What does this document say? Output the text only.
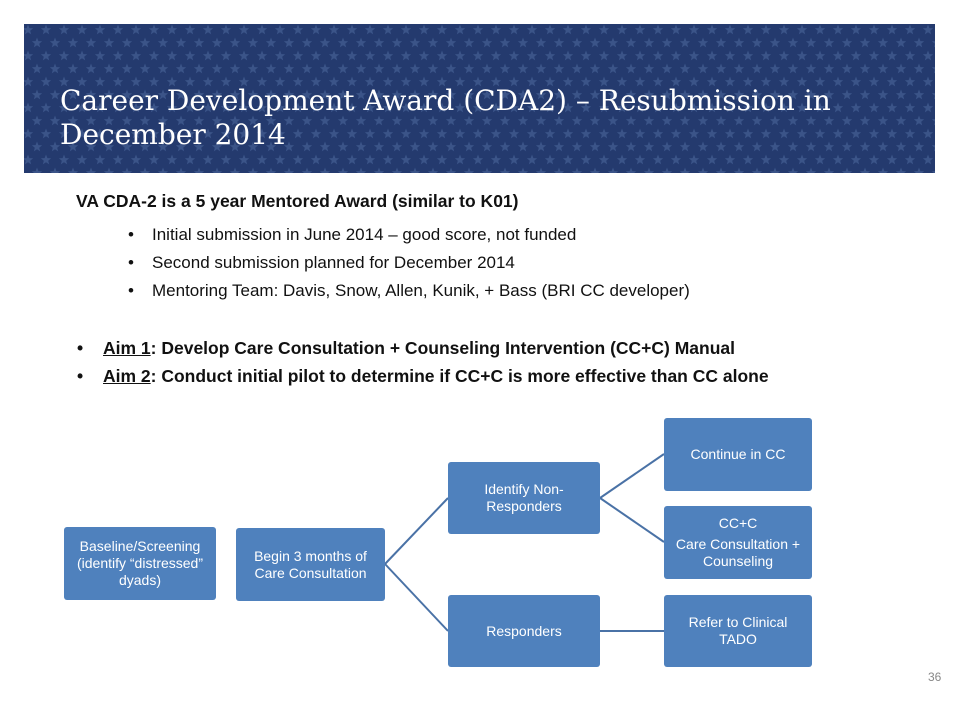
Career Development Award (CDA2) – Resubmission in December 2014
VA CDA-2 is a 5 year Mentored Award (similar to K01)
• Initial submission in June 2014 – good score, not funded
• Second submission planned for December 2014
• Mentoring Team: Davis, Snow, Allen, Kunik, + Bass (BRI CC developer)
• Aim 1: Develop Care Consultation + Counseling Intervention (CC+C) Manual
• Aim 2: Conduct initial pilot to determine if CC+C is more effective than CC alone
Baseline/Screening (identify “distressed” dyads)
Begin 3 months of Care Consultation
Identify Non-Responders
Responders
Continue in CC
CC+C
Care Consultation + Counseling
Refer to Clinical TADO
36
